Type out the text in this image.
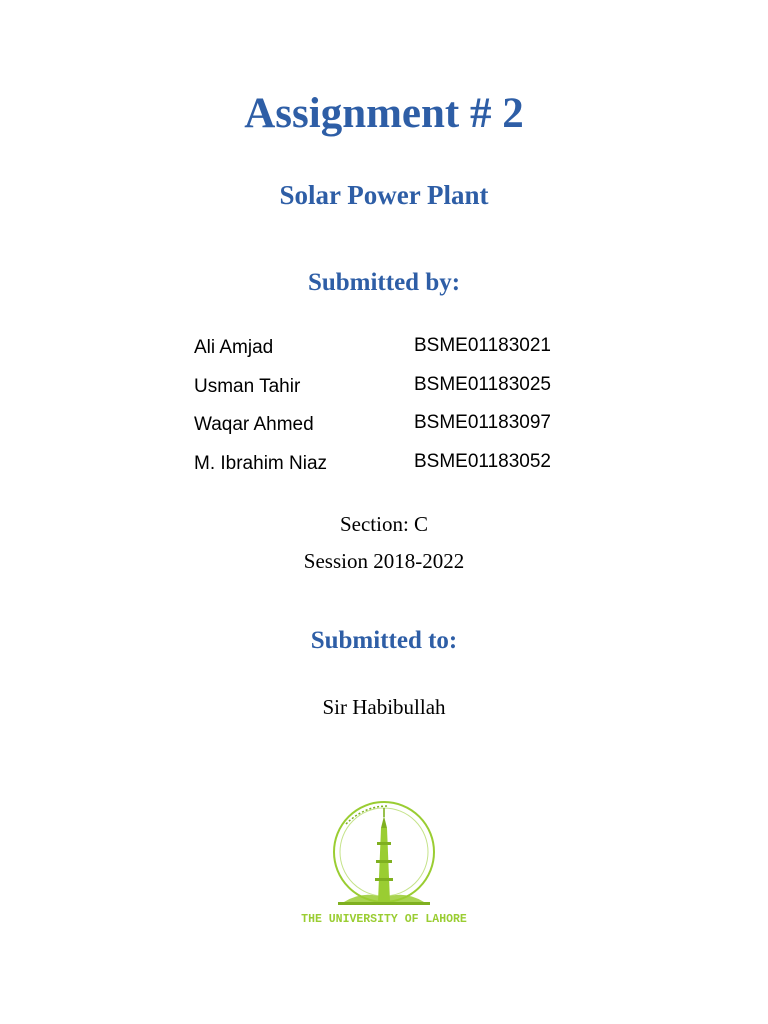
Assignment # 2
Solar Power Plant
Submitted by:
Ali Amjad	BSME01183021
Usman Tahir	BSME01183025
Waqar Ahmed	BSME01183097
M. Ibrahim Niaz	BSME01183052
Section: C
Session 2018-2022
Submitted to:
Sir Habibullah
THE UNIVERSITY OF LAHORE
